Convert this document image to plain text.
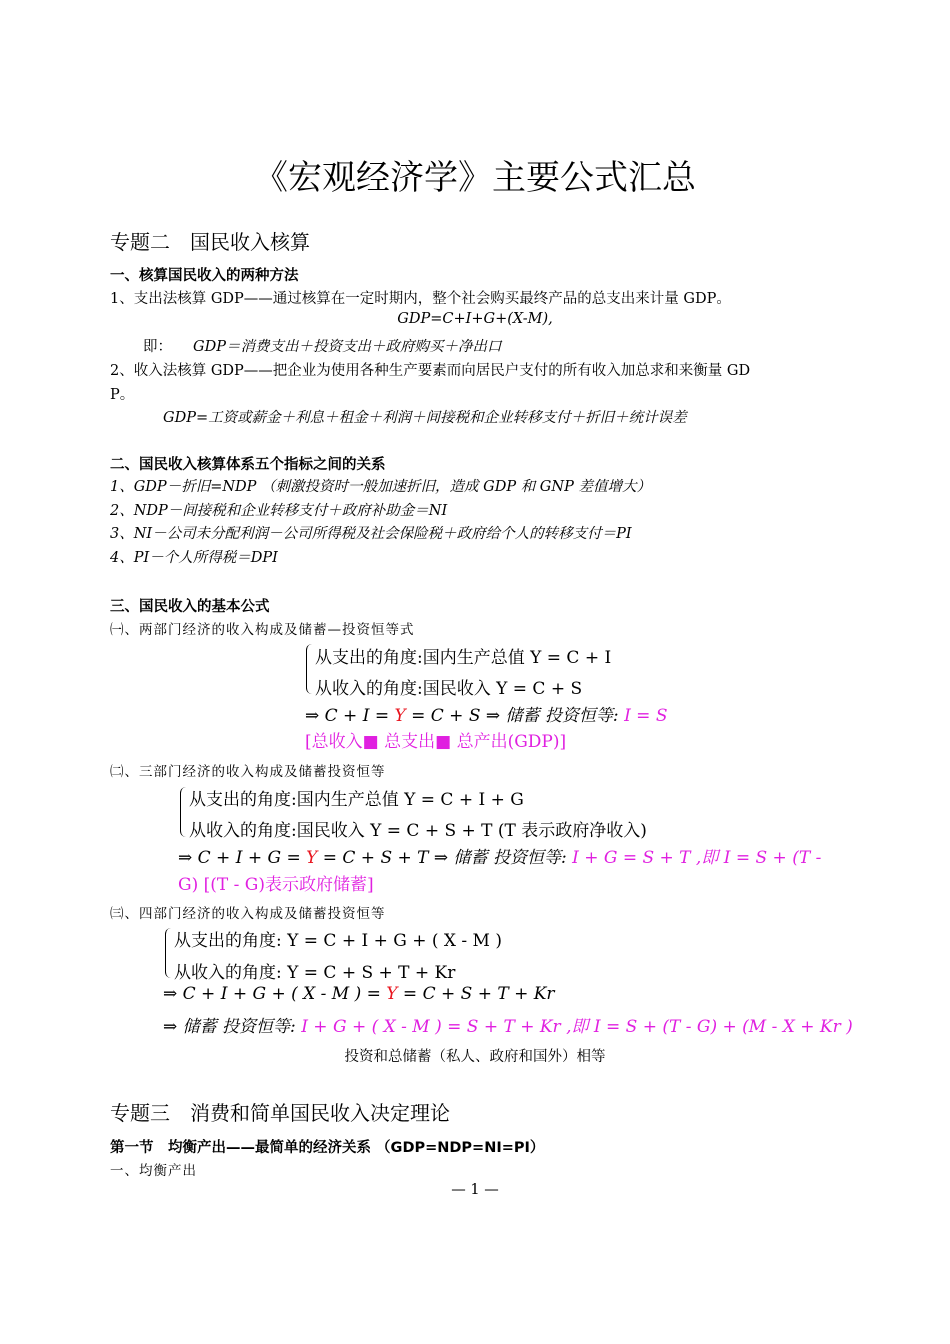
《宏观经济学》主要公式汇总
专题二　国民收入核算
一、核算国民收入的两种方法
1、支出法核算 GDP——通过核算在一定时期内，整个社会购买最终产品的总支出来计量 GDP。
GDP=C+I+G+(X-M),
即： GDP＝消费支出＋投资支出＋政府购买＋净出口
2、收入法核算 GDP——把企业为使用各种生产要素而向居民户支付的所有收入加总求和来衡量 GD
P。
GDP=工资或薪金＋利息＋租金＋利润＋间接税和企业转移支付＋折旧＋统计误差
二、国民收入核算体系五个指标之间的关系
1、GDP－折旧=NDP （刺激投资时一般加速折旧，造成 GDP 和 GNP 差值增大）
2、NDP－间接税和企业转移支付＋政府补助金＝NI
3、NI－公司未分配利润－公司所得税及社会保险税＋政府给个人的转移支付＝PI
4、PI－个人所得税＝DPI
三、国民收入的基本公式
㈠、两部门经济的收入构成及储蓄—投资恒等式
从支出的角度:国内生产总值 Y = C + I
从收入的角度:国民收入 Y = C + S
⇒ C + I = Y = C + S ⇒ 储蓄 投资恒等: I = S
[总收入■ 总支出■ 总产出(GDP)]
㈡、三部门经济的收入构成及储蓄投资恒等
从支出的角度:国内生产总值 Y = C + I + G
从收入的角度:国民收入 Y = C + S + T (T 表示政府净收入)
⇒ C + I + G = Y = C + S + T ⇒ 储蓄 投资恒等: I + G = S + T ,即 I = S + (T -
G) [(T - G)表示政府储蓄]
㈢、四部门经济的收入构成及储蓄投资恒等
从支出的角度: Y = C + I + G + ( X - M )
从收入的角度: Y = C + S + T + Kr
⇒ C + I + G + ( X - M ) = Y = C + S + T + Kr
⇒ 储蓄 投资恒等: I + G + ( X - M ) = S + T + Kr ,即 I = S + (T - G) + (M - X + Kr )
投资和总储蓄（私人、政府和国外）相等
专题三　消费和简单国民收入决定理论
第一节　均衡产出——最简单的经济关系 （GDP=NDP=NI=PI）
一、均衡产出
— 1 —
